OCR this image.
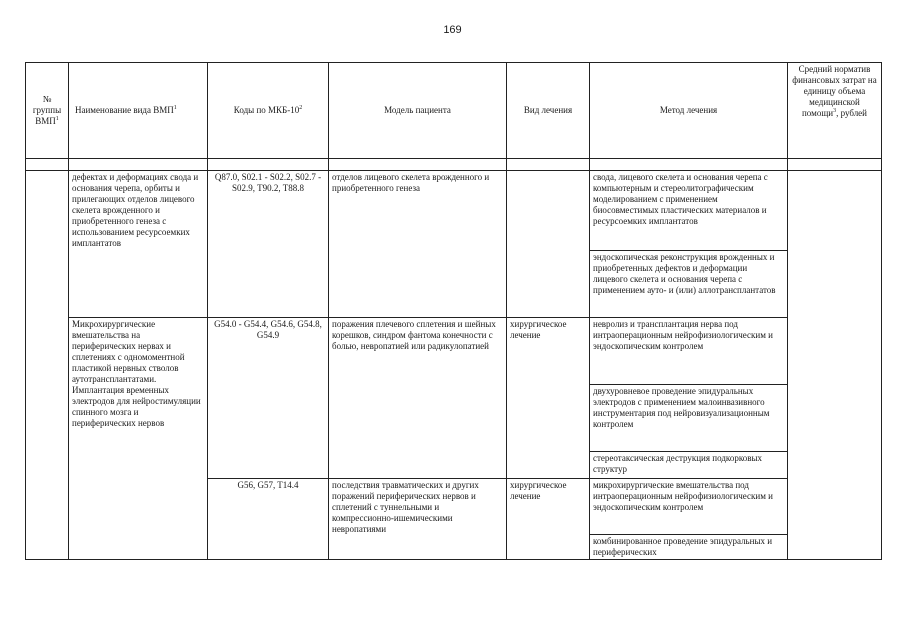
169
№ группы ВМП$^1$	Наименование вида ВМП$^1$	Коды по МКБ-$10^2$	Модель пациента	Вид лечения	Метод лечения	Средний норматив финансовых затрат на единицу объема медицинской помощи$^3$, рублей

	дефектах и деформациях свода и основания черепа, орбиты и прилегающих отделов лицевого скелета врожденного и приобретенного генеза с использованием ресурсоемких имплантатов	Q87.0, S02.1 - S02.2, S02.7 - S02.9, T90.2, T88.8	отделов лицевого скелета врожденного и приобретенного генеза		свода, лицевого скелета и основания черепа с компьютерным и стереолитографическим моделированием с применением биосовместимых пластических материалов и ресурсоемких имплантатов	
					эндоскопическая реконструкция врожденных и приобретенных дефектов и деформации лицевого скелета и основания черепа с применением ауто- и (или) аллотрансплантатов	
	Микрохирургические вмешательства на периферических нервах и сплетениях с одномоментной пластикой нервных стволов аутотрансплантатами. Имплантация временных электродов для нейростимуляции спинного мозга и периферических нервов	G54.0 - G54.4, G54.6, G54.8, G54.9	поражения плечевого сплетения и шейных корешков, синдром фантома конечности с болью, невропатией или радикулопатией	хирургическое лечение	невролиз и трансплантация нерва под интраоперационным нейрофизиологическим и эндоскопическим контролем	
					двухуровневое проведение эпидуральных электродов с применением малоинвазивного инструментария под нейровизуализационным контролем	
					стереотаксическая деструкция подкорковых структур	
		G56, G57, T14.4	последствия травматических и других поражений периферических нервов и сплетений с туннельными и компрессионно-ишемическими невропатиями	хирургическое лечение	микрохирургические вмешательства под интраоперационным нейрофизиологическим и эндоскопическим контролем	
					комбинированное проведение эпидуральных и периферических	
